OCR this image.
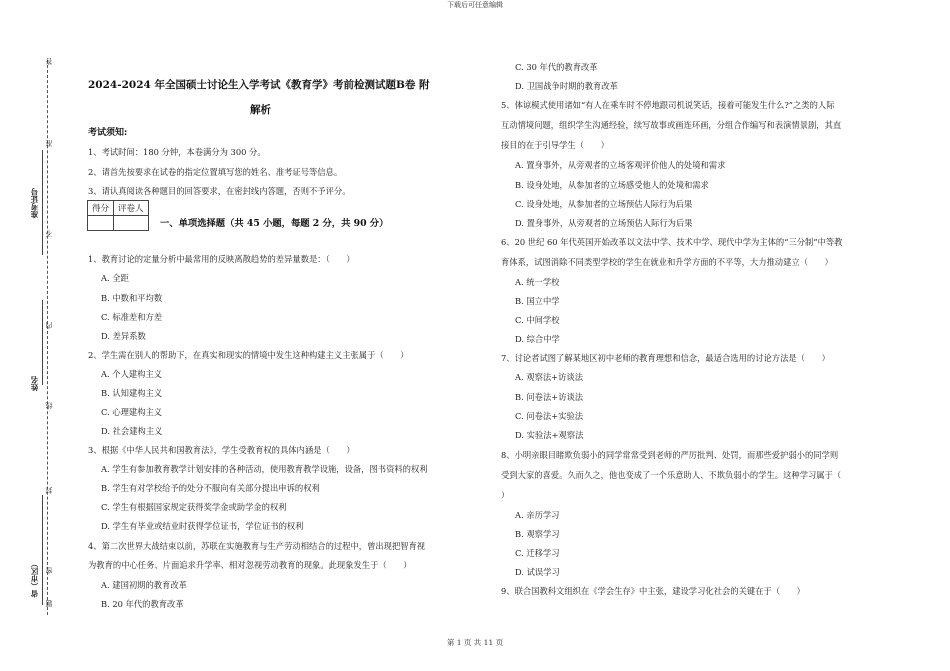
下载后可任意编辑
第 1 页 共 11 页
准考证号
姓名
省（市区）
答
准
不
内
线
封
密
题
2024-2024 年全国硕士讨论生入学考试《教育学》考前检测试题B卷 附
解析
考试须知:
1、考试时间：180 分钟，本卷满分为 300 分。
2、请首先按要求在试卷的指定位置填写您的姓名、准考证号等信息。
3、请认真阅读各种题目的回答要求，在密封线内答题，否则不予评分。
得分	评卷人

一、单项选择题（共 45 小题，每题 2 分，共 90 分）
1、教育讨论的定量分析中最常用的反映离散趋势的差异量数是：（　　）
A. 全距
B. 中数和平均数
C. 标准差和方差
D. 差异系数
2、学生需在别人的帮助下，在真实和现实的情境中发生这种构建主义主张属于（　　）
A. 个人建构主义
B. 认知建构主义
C. 心理建构主义
D. 社会建构主义
3、根据《中华人民共和国教育法》，学生受教育权的具体内涵是（　　）
A. 学生有参加教育教学计划安排的各种活动，使用教育教学设施，设备，图书资料的权利
B. 学生有对学校给予的处分不服向有关部分提出申诉的权利
C. 学生有根据国家规定获得奖学金或助学金的权利
D. 学生有毕业或结业时获得学位证书，学位证书的权利
4、第二次世界大战结束以前，苏联在实施教育与生产劳动相结合的过程中，曾出现把智育视
为教育的中心任务、片面追求升学率、相对忽视劳动教育的现象。此现象发生于（　　）
A. 建国初期的教育改革
B. 20 年代的教育改革
C. 30 年代的教育改革
D. 卫国战争时期的教育改革
5、体谅模式使用诸如“有人在乘车时不停地跟司机说笑话，接着可能发生什么?”之类的人际
互动情境问题，组织学生沟通经验，续写故事或画连环画，分组合作编写和表演情景剧，其直
接目的在于引导学生（　　）
A. 置身事外，从旁观者的立场客观评价他人的处境和需求
B. 设身处地，从参加者的立场感受他人的处境和需求
C. 设身处地，从参加者的立场预估人际行为后果
D. 置身事外，从旁观者的立场预估人际行为后果
6、20 世纪 60 年代英国开始改革以文法中学、技术中学、现代中学为主体的“三分制”中等教
育体系，试图消除不同类型学校的学生在就业和升学方面的不平等，大力推动建立（　　）
A. 统一学校
B. 国立中学
C. 中间学校
D. 综合中学
7、讨论者试图了解某地区初中老师的教育理想和信念，最适合选用的讨论方法是（　　）
A. 观察法+访谈法
B. 问卷法+访谈法
C. 问卷法+实验法
D. 实验法+观察法
8、小明亲眼目睹欺负弱小的同学常常受到老师的严厉批判、处罚，而那些爱护弱小的同学则
受到大家的喜爱。久而久之，他也变成了一个乐意助人、不欺负弱小的学生。这种学习属于（
）
A. 亲历学习
B. 观察学习
C. 迁移学习
D. 试误学习
9、联合国教科文组织在《学会生存》中主张，建设学习化社会的关键在于（　　）
